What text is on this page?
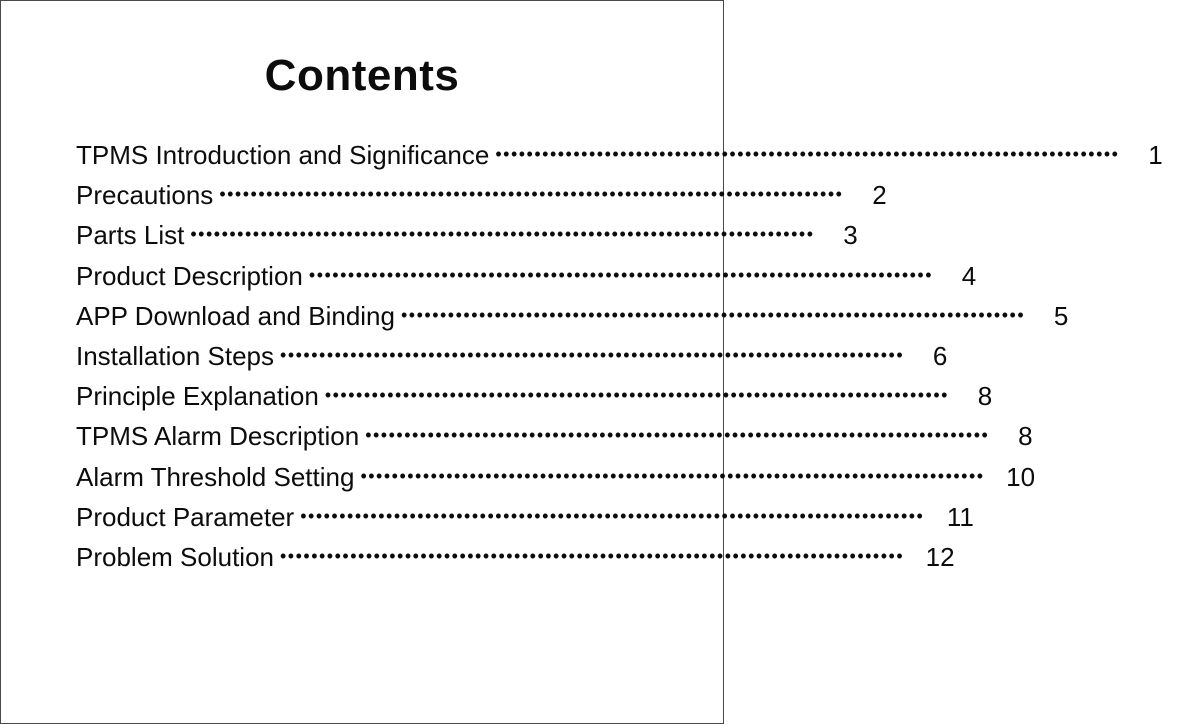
Contents
TPMS Introduction and Significance ••••••••••••••••••••••••••••••••••••••••••••••••••••••••••••••••••••••••••••••••	1
Precautions ••••••••••••••••••••••••••••••••••••••••••••••••••••••••••••••••••••••••••••••••	2
Parts List ••••••••••••••••••••••••••••••••••••••••••••••••••••••••••••••••••••••••••••••••	3
Product Description ••••••••••••••••••••••••••••••••••••••••••••••••••••••••••••••••••••••••••••••••	4
APP Download and Binding ••••••••••••••••••••••••••••••••••••••••••••••••••••••••••••••••••••••••••••••••	5
Installation Steps ••••••••••••••••••••••••••••••••••••••••••••••••••••••••••••••••••••••••••••••••	6
Principle Explanation ••••••••••••••••••••••••••••••••••••••••••••••••••••••••••••••••••••••••••••••••	8
TPMS Alarm Description ••••••••••••••••••••••••••••••••••••••••••••••••••••••••••••••••••••••••••••••••	8
Alarm Threshold Setting •••••••••••••••••••••••••••••••••••••••••••••••••••••••••••••••••••••••••••••••• 10
Product Parameter •••••••••••••••••••••••••••••••••••••••••••••••••••••••••••••••••••••••••••••••• 11
Problem Solution •••••••••••••••••••••••••••••••••••••••••••••••••••••••••••••••••••••••••••••••• 12
